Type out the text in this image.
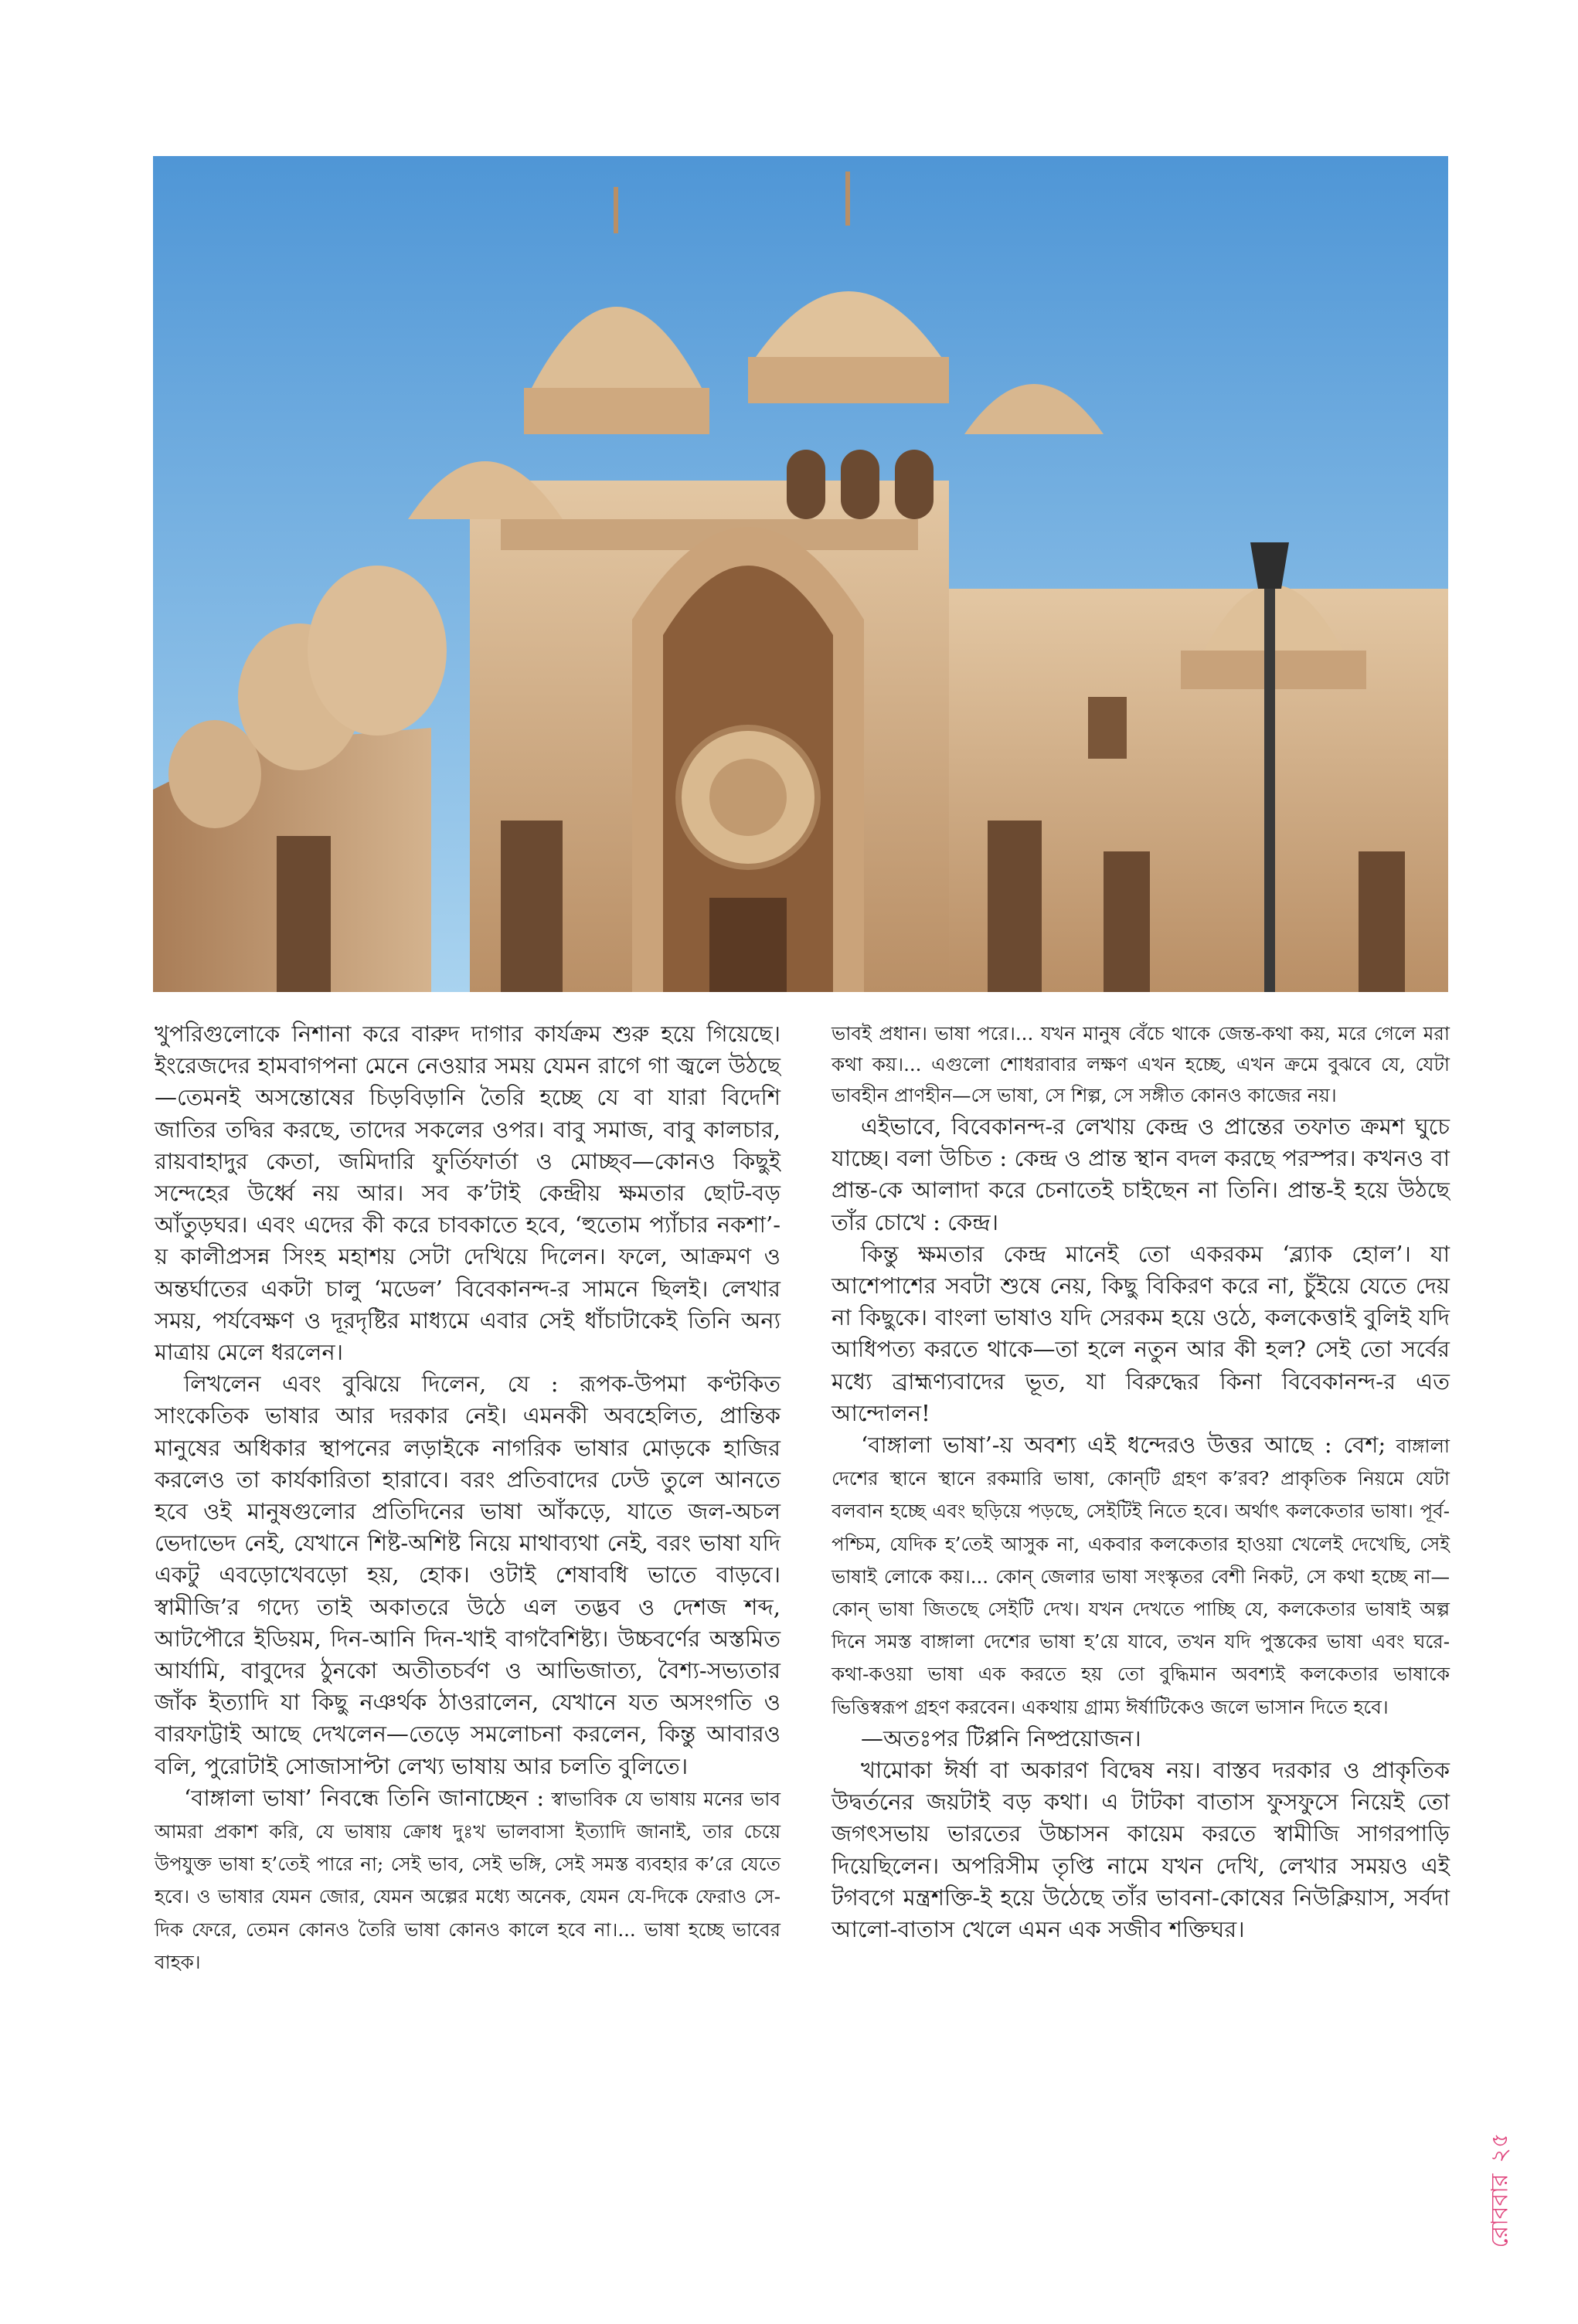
খুপরিগুলোকে নিশানা করে বারুদ দাগার কার্যক্রম শুরু হয়ে গিয়েছে। ইংরেজদের হামবাগপনা মেনে নেওয়ার সময় যেমন রাগে গা জ্বলে উঠছে—তেমনই অসন্তোষের চিড়বিড়ানি তৈরি হচ্ছে যে বা যারা বিদেশি জাতির তদ্বির করছে, তাদের সকলের ওপর। বাবু সমাজ, বাবু কালচার, রায়বাহাদুর কেতা, জমিদারি ফুর্তিফার্তা ও মোচ্ছব—কোনও কিছুই সন্দেহের উর্ধ্বে নয় আর। সব ক’টাই কেন্দ্রীয় ক্ষমতার ছোট-বড় আঁতুড়ঘর। এবং এদের কী করে চাবকাতে হবে, ‘হুতোম প্যাঁচার নকশা’-য় কালীপ্রসন্ন সিংহ মহাশয় সেটা দেখিয়ে দিলেন। ফলে, আক্রমণ ও অন্তর্ঘাতের একটা চালু ‘মডেল’ বিবেকানন্দ-র সামনে ছিলই। লেখার সময়, পর্যবেক্ষণ ও দূরদৃষ্টির মাধ্যমে এবার সেই ধাঁচাটাকেই তিনি অন্য মাত্রায় মেলে ধরলেন।

লিখলেন এবং বুঝিয়ে দিলেন, যে : রূপক-উপমা কণ্টকিত সাংকেতিক ভাষার আর দরকার নেই। এমনকী অবহেলিত, প্রান্তিক মানুষের অধিকার স্থাপনের লড়াইকে নাগরিক ভাষার মোড়কে হাজির করলেও তা কার্যকারিতা হারাবে। বরং প্রতিবাদের ঢেউ তুলে আনতে হবে ওই মানুষগুলোর প্রতিদিনের ভাষা আঁকড়ে, যাতে জল-অচল ভেদাভেদ নেই, যেখানে শিষ্ট-অশিষ্ট নিয়ে মাথাব্যথা নেই, বরং ভাষা যদি একটু এবড়োখেবড়ো হয়, হোক। ওটাই শেষাবধি ভাতে বাড়বে। স্বামীজি’র গদ্যে তাই অকাতরে উঠে এল তদ্ভব ও দেশজ শব্দ, আটপৌরে ইডিয়ম, দিন-আনি দিন-খাই বাগবৈশিষ্ট্য। উচ্চবর্ণের অস্তমিত আর্যামি, বাবুদের ঠুনকো অতীতচর্বণ ও আভিজাত্য, বৈশ্য-সভ্যতার জাঁক ইত্যাদি যা কিছু নঞর্থক ঠাওরালেন, যেখানে যত অসংগতি ও বারফাট্টাই আছে দেখলেন—তেড়ে সমলোচনা করলেন, কিন্তু আবারও বলি, পুরোটাই সোজাসাপ্টা লেখ্য ভাষায় আর চলতি বুলিতে।

‘বাঙ্গালা ভাষা’ নিবন্ধে তিনি জানাচ্ছেন : স্বাভাবিক যে ভাষায় মনের ভাব আমরা প্রকাশ করি, যে ভাষায় ক্রোধ দুঃখ ভালবাসা ইত্যাদি জানাই, তার চেয়ে উপযুক্ত ভাষা হ’তেই পারে না; সেই ভাব, সেই ভঙ্গি, সেই সমস্ত ব্যবহার ক’রে যেতে হবে। ও ভাষার যেমন জোর, যেমন অল্পের মধ্যে অনেক, যেমন যে-দিকে ফেরাও সে-দিক ফেরে, তেমন কোনও তৈরি ভাষা কোনও কালে হবে না।... ভাষা হচ্ছে ভাবের বাহক।

ভাবই প্রধান। ভাষা পরে।... যখন মানুষ বেঁচে থাকে জেন্ত-কথা কয়, মরে গেলে মরা কথা কয়।... এগুলো শোধরাবার লক্ষণ এখন হচ্ছে, এখন ক্রমে বুঝবে যে, যেটা ভাবহীন প্রাণহীন—সে ভাষা, সে শিল্প, সে সঙ্গীত কোনও কাজের নয়।

এইভাবে, বিবেকানন্দ-র লেখায় কেন্দ্র ও প্রান্তের তফাত ক্রমশ ঘুচে যাচ্ছে। বলা উচিত : কেন্দ্র ও প্রান্ত স্থান বদল করছে পরস্পর। কখনও বা প্রান্ত-কে আলাদা করে চেনাতেই চাইছেন না তিনি। প্রান্ত-ই হয়ে উঠছে তাঁর চোখে : কেন্দ্র।

কিন্তু ক্ষমতার কেন্দ্র মানেই তো একরকম ‘ব্ল্যাক হোল’। যা আশেপাশের সবটা শুষে নেয়, কিছু বিকিরণ করে না, চুঁইয়ে যেতে দেয় না কিছুকে। বাংলা ভাষাও যদি সেরকম হয়ে ওঠে, কলকেত্তাই বুলিই যদি আধিপত্য করতে থাকে—তা হলে নতুন আর কী হল? সেই তো সর্বের মধ্যে ব্রাহ্মণ্যবাদের ভূত, যা বিরুদ্ধের কিনা বিবেকানন্দ-র এত আন্দোলন!

‘বাঙ্গালা ভাষা’-য় অবশ্য এই ধন্দেরও উত্তর আছে : বেশ; বাঙ্গালা দেশের স্থানে স্থানে রকমারি ভাষা, কোন্‌টি গ্রহণ ক’রব? প্রাকৃতিক নিয়মে যেটা বলবান হচ্ছে এবং ছড়িয়ে পড়ছে, সেইটিই নিতে হবে। অর্থাৎ কলকেতার ভাষা। পূর্ব-পশ্চিম, যেদিক হ’তেই আসুক না, একবার কলকেতার হাওয়া খেলেই দেখেছি, সেই ভাষাই লোকে কয়।... কোন্ জেলার ভাষা সংস্কৃতর বেশী নিকট, সে কথা হচ্ছে না—কোন্ ভাষা জিতছে সেইটি দেখ। যখন দেখতে পাচ্ছি যে, কলকেতার ভাষাই অল্প দিনে সমস্ত বাঙ্গালা দেশের ভাষা হ’য়ে যাবে, তখন যদি পুস্তকের ভাষা এবং ঘরে-কথা-কওয়া ভাষা এক করতে হয় তো বুদ্ধিমান অবশ্যই কলকেতার ভাষাকে ভিত্তিস্বরূপ গ্রহণ করবেন। একথায় গ্রাম্য ঈর্ষাটিকেও জলে ভাসান দিতে হবে।

—অতঃপর টিপ্পনি নিষ্প্রয়োজন।

খামোকা ঈর্ষা বা অকারণ বিদ্বেষ নয়। বাস্তব দরকার ও প্রাকৃতিক উদ্বর্তনের জয়টাই বড় কথা। এ টাটকা বাতাস ফুসফুসে নিয়েই তো জগৎসভায় ভারতের উচ্চাসন কায়েম করতে স্বামীজি সাগরপাড়ি দিয়েছিলেন। অপরিসীম তৃপ্তি নামে যখন দেখি, লেখার সময়ও এই টগবগে মন্ত্রশক্তি-ই হয়ে উঠেছে তাঁর ভাবনা-কোষের নিউক্লিয়াস, সর্বদা আলো-বাতাস খেলে এমন এক সজীব শক্তিঘর।

রোববার২৫
